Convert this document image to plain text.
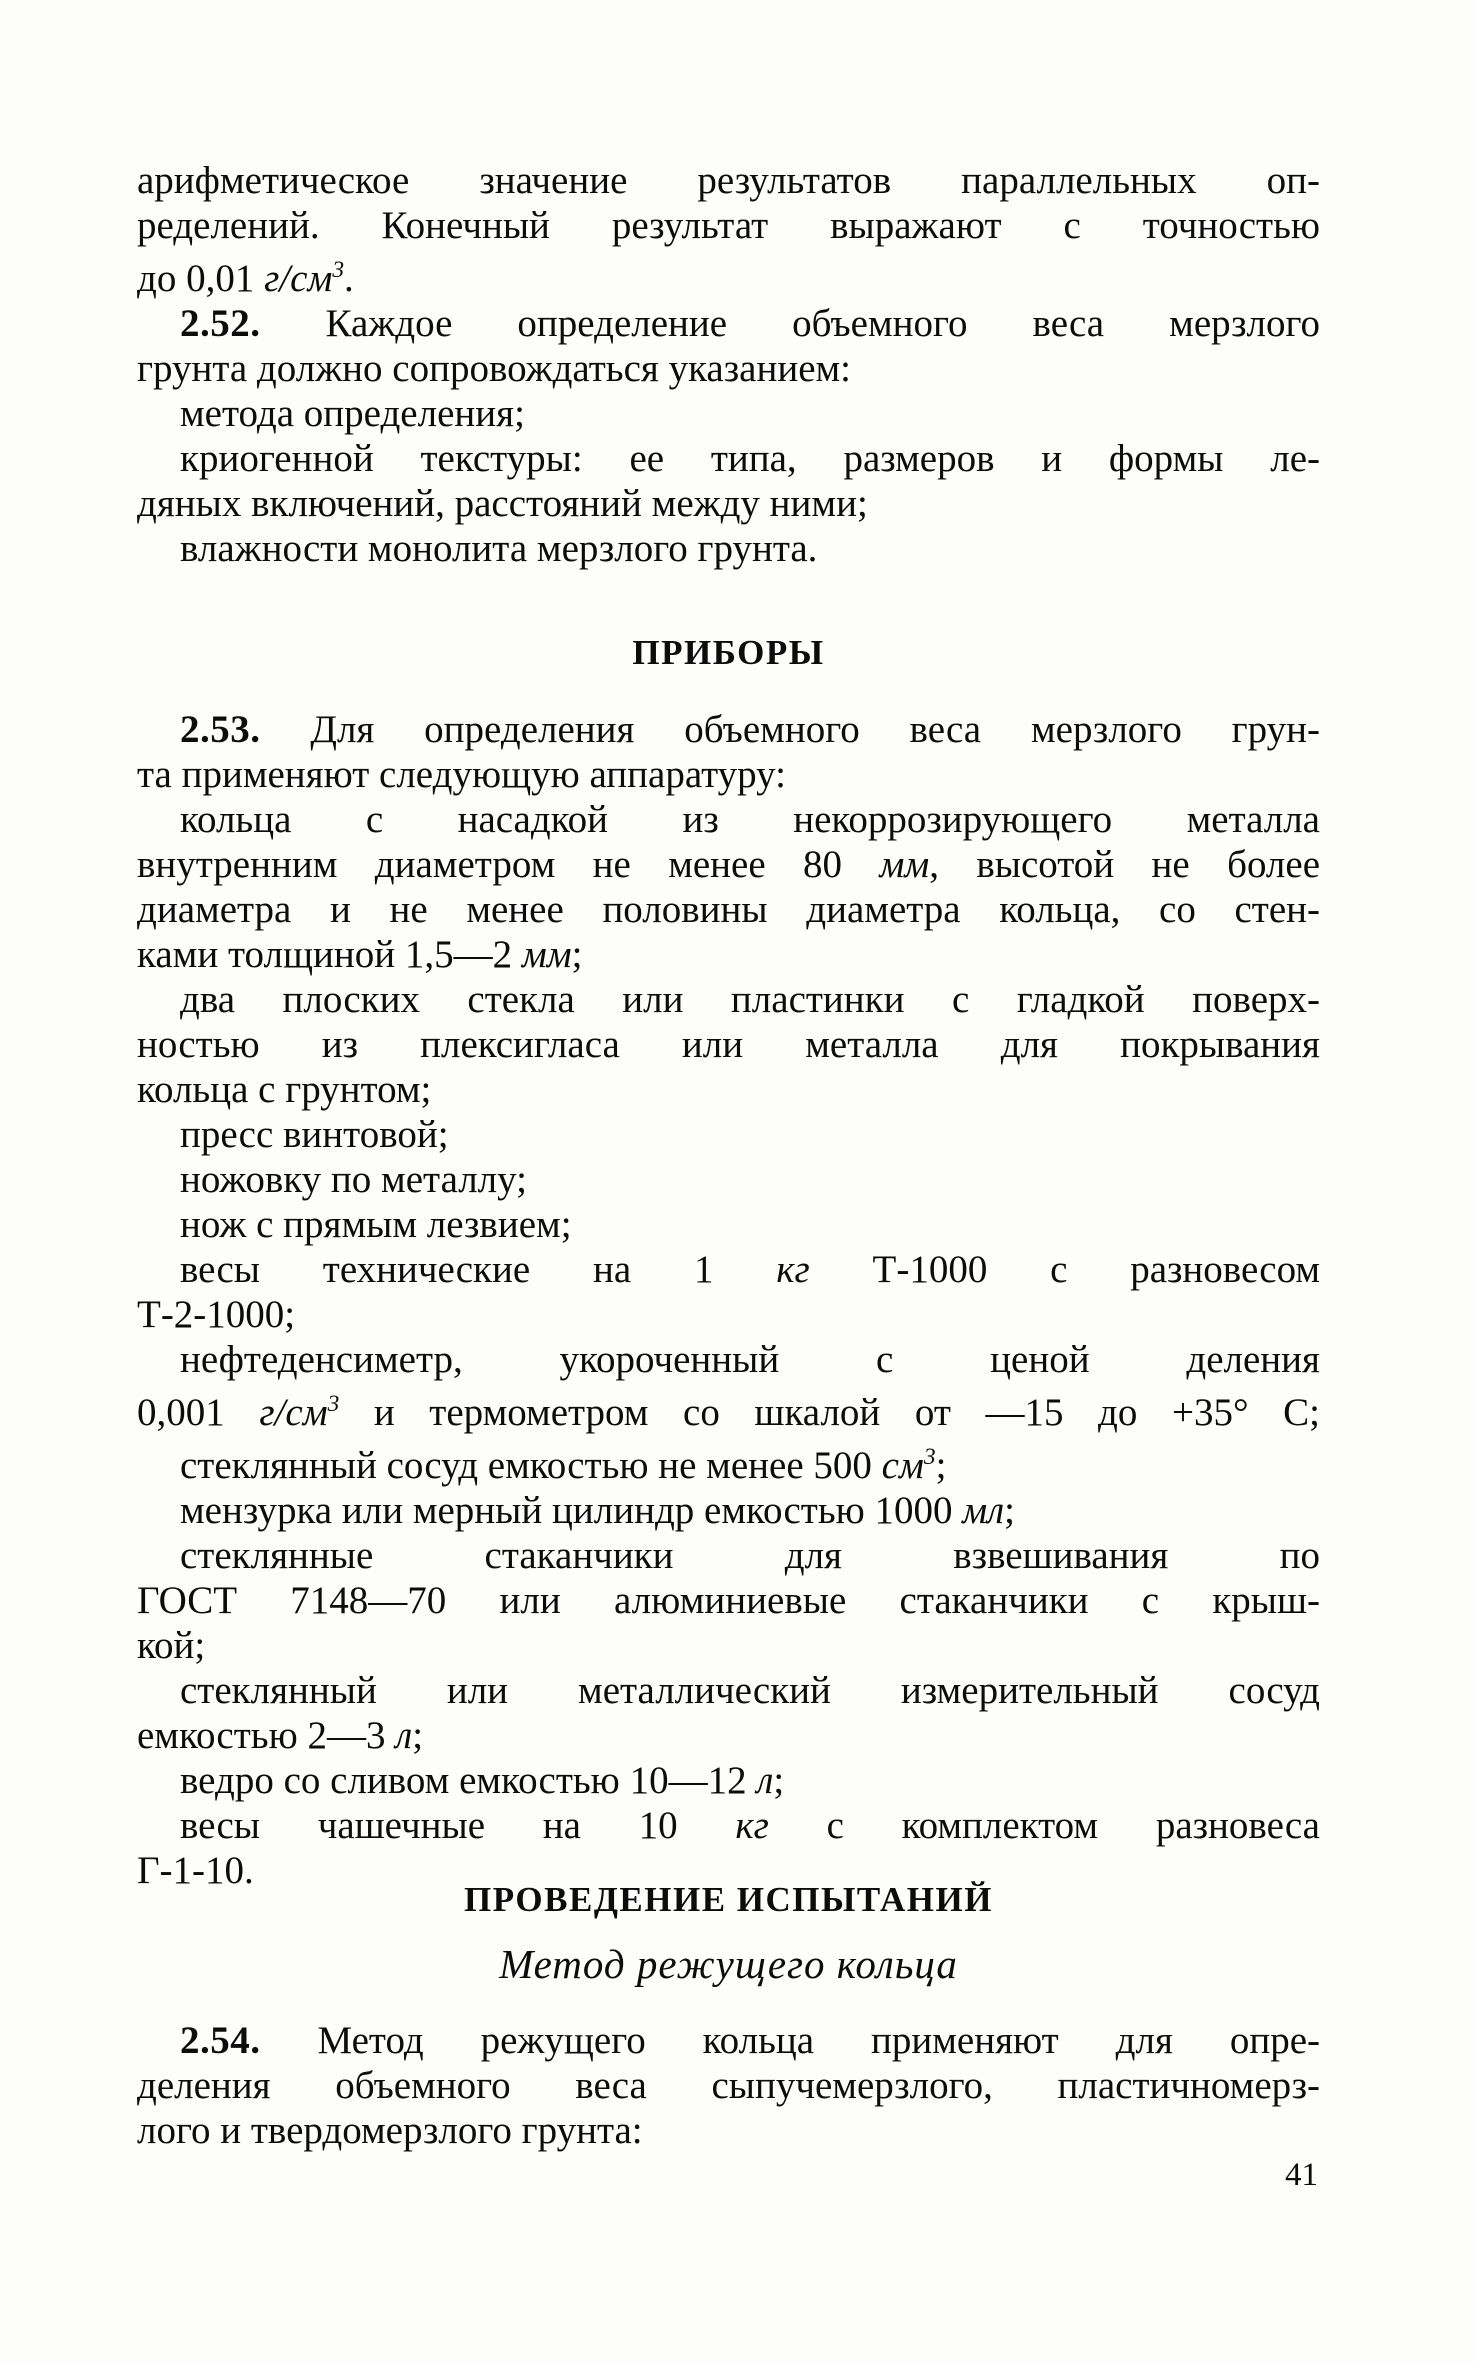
арифметическое значение результатов параллельных оп-
ределений. Конечный результат выражают с точностью
до 0,01 $г/см^3$.
2.52. Каждое определение объемного веса мерзлого
грунта должно сопровождаться указанием:
метода определения;
криогенной текстуры: ее типа, размеров и формы ле-
дяных включений, расстояний между ними;
влажности монолита мерзлого грунта.
ПРИБОРЫ
2.53. Для определения объемного веса мерзлого грун-
та применяют следующую аппаратуру:
кольца с насадкой из некоррозирующего металла
внутренним диаметром не менее 80 мм, высотой не более
диаметра и не менее половины диаметра кольца, со стен-
ками толщиной 1,5—2 мм;
два плоских стекла или пластинки с гладкой поверх-
ностью из плексигласа или металла для покрывания
кольца с грунтом;
пресс винтовой;
ножовку по металлу;
нож с прямым лезвием;
весы технические на 1 кг Т-1000 с разновесом
Т-2-1000;
нефтеденсиметр, укороченный с ценой деления
0,001 $г/см^3$ и термометром со шкалой от —15 до +35° С;
стеклянный сосуд емкостью не менее 500 $см^3$;
мензурка или мерный цилиндр емкостью 1000 мл;
стеклянные стаканчики для взвешивания по
ГОСТ 7148—70 или алюминиевые стаканчики с крыш-
кой;
стеклянный или металлический измерительный сосуд
емкостью 2—3 л;
ведро со сливом емкостью 10—12 л;
весы чашечные на 10 кг с комплектом разновеса
Г-1-10.
ПРОВЕДЕНИЕ ИСПЫТАНИЙ
Метод режущего кольца
2.54. Метод режущего кольца применяют для опре-
деления объемного веса сыпучемерзлого, пластичномерз-
лого и твердомерзлого грунта:
41
